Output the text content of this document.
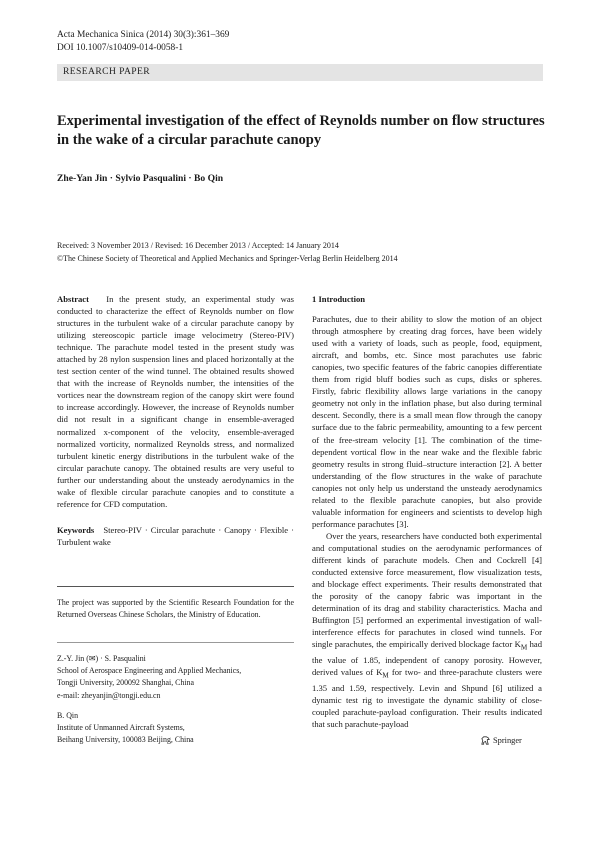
Acta Mechanica Sinica (2014) 30(3):361–369
DOI 10.1007/s10409-014-0058-1
RESEARCH PAPER
Experimental investigation of the effect of Reynolds number on flow structures in the wake of a circular parachute canopy
Zhe-Yan Jin · Sylvio Pasqualini · Bo Qin
Received: 3 November 2013 / Revised: 16 December 2013 / Accepted: 14 January 2014
©The Chinese Society of Theoretical and Applied Mechanics and Springer-Verlag Berlin Heidelberg 2014

Abstract In the present study, an experimental study was conducted to characterize the effect of Reynolds number on flow structures in the turbulent wake of a circular parachute canopy by utilizing stereoscopic particle image velocimetry (Stereo-PIV) technique. The parachute model tested in the present study was attached by 28 nylon suspension lines and placed horizontally at the test section center of the wind tunnel. The obtained results showed that with the increase of Reynolds number, the intensities of the vortices near the downstream region of the canopy skirt were found to increase accordingly. However, the increase of Reynolds number did not result in a significant change in ensemble-averaged normalized x-component of the velocity, ensemble-averaged normalized vorticity, normalized Reynolds stress, and normalized turbulent kinetic energy distributions in the turbulent wake of the circular parachute canopy. The obtained results are very useful to further our understanding about the unsteady aerodynamics in the wake of flexible circular parachute canopies and to constitute a reference for CFD computation.

Keywords Stereo-PIV · Circular parachute · Canopy · Flexible · Turbulent wake

The project was supported by the Scientific Research Foundation for the Returned Overseas Chinese Scholars, the Ministry of Education.

Z.-Y. Jin (✉) · S. Pasqualini

School of Aerospace Engineering and Applied Mechanics,

Tongji University, 200092 Shanghai, China

e-mail: zheyanjin@tongji.edu.cn

B. Qin

Institute of Unmanned Aircraft Systems,

Beihang University, 100083 Beijing, China

1 Introduction

Parachutes, due to their ability to slow the motion of an object through atmosphere by creating drag forces, have been widely used with a variety of loads, such as people, food, equipment, aircraft, and bombs, etc. Since most parachutes use fabric canopies, two specific features of the fabric canopies differentiate them from rigid bluff bodies such as cups, disks or spheres. Firstly, fabric flexibility allows large variations in the canopy geometry not only in the inflation phase, but also during terminal descent. Secondly, there is a small mean flow through the canopy surface due to the fabric permeability, amounting to a few percent of the free-stream velocity [1]. The combination of the time-dependent vortical flow in the near wake and the flexible fabric geometry results in strong fluid–structure interaction [2]. A better understanding of the flow structures in the wake of parachute canopies not only help us understand the unsteady aerodynamics related to the flexible parachute canopies, but also provide valuable information for engineers and scientists to develop high performance parachutes [3].

Over the years, researchers have conducted both experimental and computational studies on the aerodynamic performances of different kinds of parachute models. Chen and Cockrell [4] conducted extensive force measurement, flow visualization tests, and blockage effect experiments. Their results demonstrated that the porosity of the canopy fabric was important in the determination of its drag and stability characteristics. Macha and Buffington [5] performed an experimental investigation of wall-interference effects for parachutes in closed wind tunnels. For single parachutes, the empirically derived blockage factor $K_M$ had the value of 1.85, independent of canopy porosity. However, derived values of $K_M$ for two- and three-parachute clusters were 1.35 and 1.59, respectively. Levin and Shpund [6] utilized a dynamic test rig to investigate the dynamic stability of close-coupled parachute-payload configuration. Their results indicated that such parachute-payload

Springer
